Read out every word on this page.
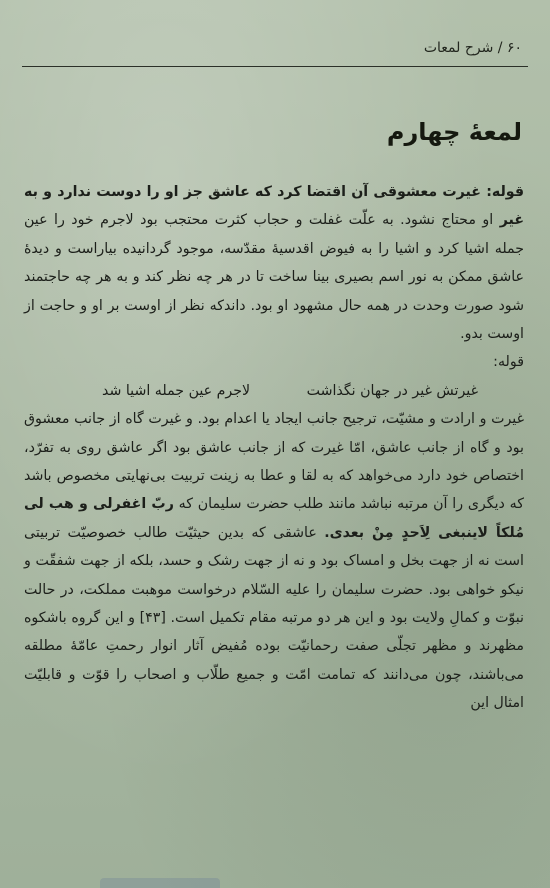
۶۰ / شرح لمعات
لمعهٔ چهارم

قوله: غیرت معشوقی آن اقتضا کرد که عاشق جز او را دوست ندارد و به غیر او محتاج نشود. به علّت غفلت و حجاب کثرت محتجب بود لاجرم خود را عین جمله اشیا کرد و اشیا را به فیوض اقدسیهٔ مقدّسه، موجود گردانیده بیاراست و دیدهٔ عاشق ممکن به نور اسم بصیری بینا ساخت تا در هر چه نظر کند و به هر چه حاجتمند شود صورت وحدت در همه حال مشهود او بود. داندکه نظر از اوست بر او و حاجت از اوست بدو.

قوله:

غیرتش غیر در جهان نگذاشت
لاجرم عین جمله اشیا شد

غیرت و ارادت و مشیّت، ترجیح جانب ایجاد یا اعدام بود. و غیرت گاه از جانب معشوق بود و گاه از جانب عاشق، امّا غیرت که از جانب عاشق بود اگر عاشق روی به تفرّد، اختصاص خود دارد می‌خواهد که به لقا و عطا به زینت تربیت بی‌نهایتی مخصوص باشد که دیگری را آن مرتبه نباشد مانند طلب حضرت سلیمان که ربّ اغفرلی و هب لی مُلکاً لاینبغی لِاَحدٍ مِنْ بعدی. عاشقی که بدین حیثیّت طالب خصوصیّت تربیتی است نه از جهت بخل و امساک بود و نه از جهت رشک و حسد، بلکه از جهت شفقّت و نیکو خواهی بود. حضرت سلیمان را علیه السّلام درخواست موهبت مملکت، در حالت نبوّت و کمالِ ولایت بود و این هر دو مرتبه مقام تکمیل است. [۴۳] و این گروه باشکوه مظهرند و مظهر تجلّی صفت رحمانیّت بوده مُفیض آثار انوار رحمتِ عامّهٔ مطلقه می‌باشند، چون می‌دانند که تمامت امّت و جمیع طلّاب و اصحاب را قوّت و قابلیّت امثال این
